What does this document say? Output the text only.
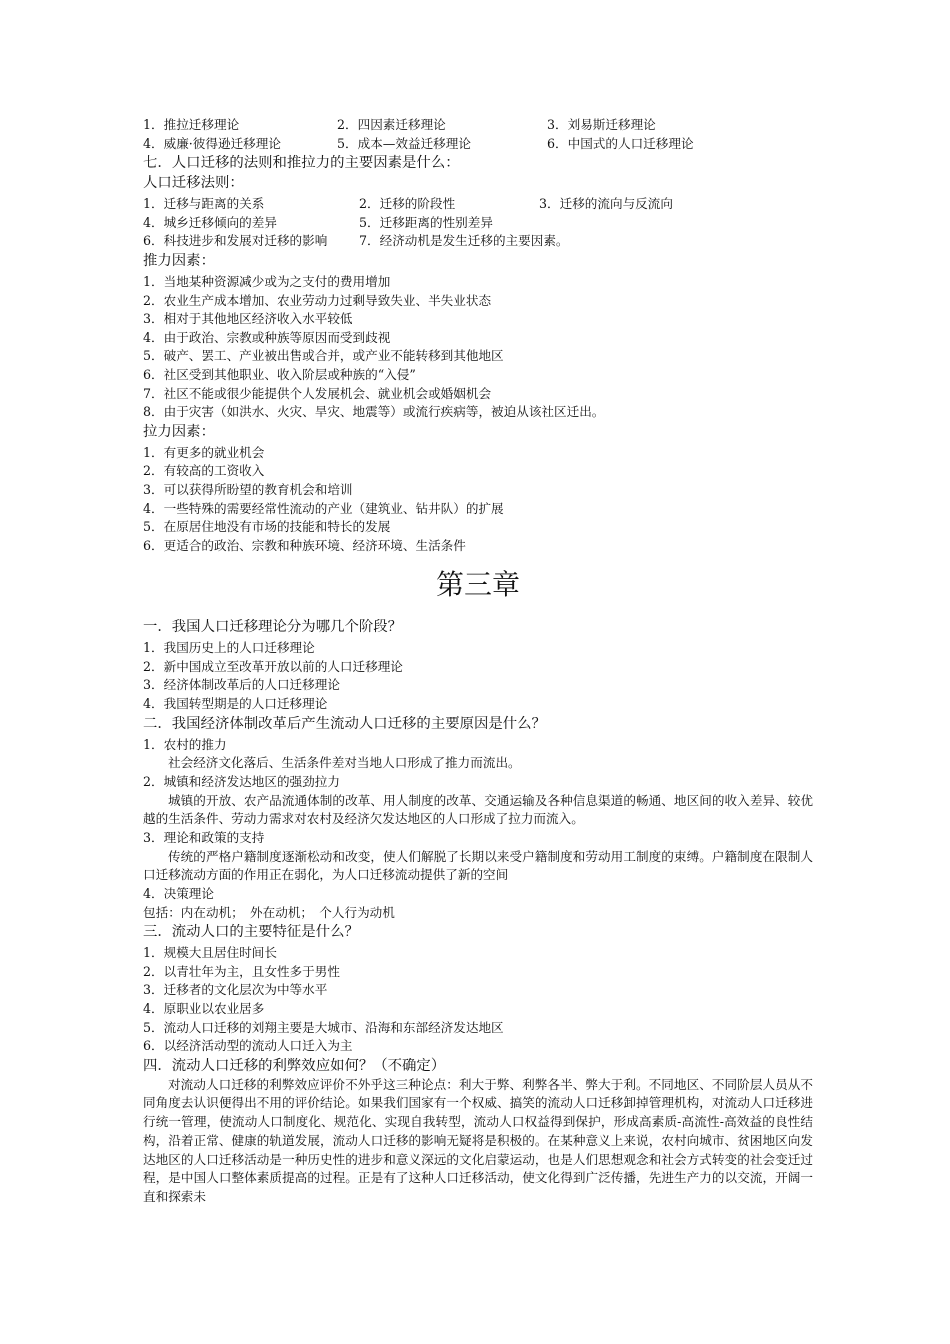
1．推拉迁移理论	2．四因素迁移理论	3．刘易斯迁移理论
4．威廉·彼得逊迁移理论	5．成本—效益迁移理论	6．中国式的人口迁移理论
七．人口迁移的法则和推拉力的主要因素是什么：
人口迁移法则：
1．迁移与距离的关系	2．迁移的阶段性	3．迁移的流向与反流向
4．城乡迁移倾向的差异	5．迁移距离的性别差异
6．科技进步和发展对迁移的影响	7．经济动机是发生迁移的主要因素。
推力因素：
1．当地某种资源减少或为之支付的费用增加
2．农业生产成本增加、农业劳动力过剩导致失业、半失业状态
3．相对于其他地区经济收入水平较低
4．由于政治、宗教或种族等原因而受到歧视
5．破产、罢工、产业被出售或合并，或产业不能转移到其他地区
6．社区受到其他职业、收入阶层或种族的“入侵”
7．社区不能或很少能提供个人发展机会、就业机会或婚姻机会
8．由于灾害（如洪水、火灾、旱灾、地震等）或流行疾病等，被迫从该社区迁出。
拉力因素：
1．有更多的就业机会
2．有较高的工资收入
3．可以获得所盼望的教育机会和培训
4．一些特殊的需要经常性流动的产业（建筑业、钻井队）的扩展
5．在原居住地没有市场的技能和特长的发展
6．更适合的政治、宗教和种族环境、经济环境、生活条件
第三章
一．我国人口迁移理论分为哪几个阶段？
1．我国历史上的人口迁移理论
2．新中国成立至改革开放以前的人口迁移理论
3．经济体制改革后的人口迁移理论
4．我国转型期是的人口迁移理论
二．我国经济体制改革后产生流动人口迁移的主要原因是什么？
1．农村的推力
社会经济文化落后、生活条件差对当地人口形成了推力而流出。
2．城镇和经济发达地区的强劲拉力
城镇的开放、农产品流通体制的改革、用人制度的改革、交通运输及各种信息渠道的畅通、地区间的收入差异、较优越的生活条件、劳动力需求对农村及经济欠发达地区的人口形成了拉力而流入。
3．理论和政策的支持
传统的严格户籍制度逐渐松动和改变，使人们解脱了长期以来受户籍制度和劳动用工制度的束缚。户籍制度在限制人口迁移流动方面的作用正在弱化，为人口迁移流动提供了新的空间
4．决策理论
包括：内在动机；　外在动机；　个人行为动机
三．流动人口的主要特征是什么？
1．规模大且居住时间长
2．以青壮年为主，且女性多于男性
3．迁移者的文化层次为中等水平
4．原职业以农业居多
5．流动人口迁移的刘翔主要是大城市、沿海和东部经济发达地区
6．以经济活动型的流动人口迁入为主
四．流动人口迁移的利弊效应如何？（不确定）
对流动人口迁移的利弊效应评价不外乎这三种论点：利大于弊、利弊各半、弊大于利。不同地区、不同阶层人员从不同角度去认识便得出不用的评价结论。如果我们国家有一个权威、搞笑的流动人口迁移卸掉管理机构，对流动人口迁移进行统一管理，使流动人口制度化、规范化、实现自我转型，流动人口权益得到保护，形成高素质-高流性-高效益的良性结构，沿着正常、健康的轨道发展，流动人口迁移的影响无疑将是积极的。在某种意义上来说，农村向城市、贫困地区向发达地区的人口迁移活动是一种历史性的进步和意义深远的文化启蒙运动，也是人们思想观念和社会方式转变的社会变迁过程，是中国人口整体素质提高的过程。正是有了这种人口迁移活动，使文化得到广泛传播，先进生产力的以交流，开阔一直和探索未
